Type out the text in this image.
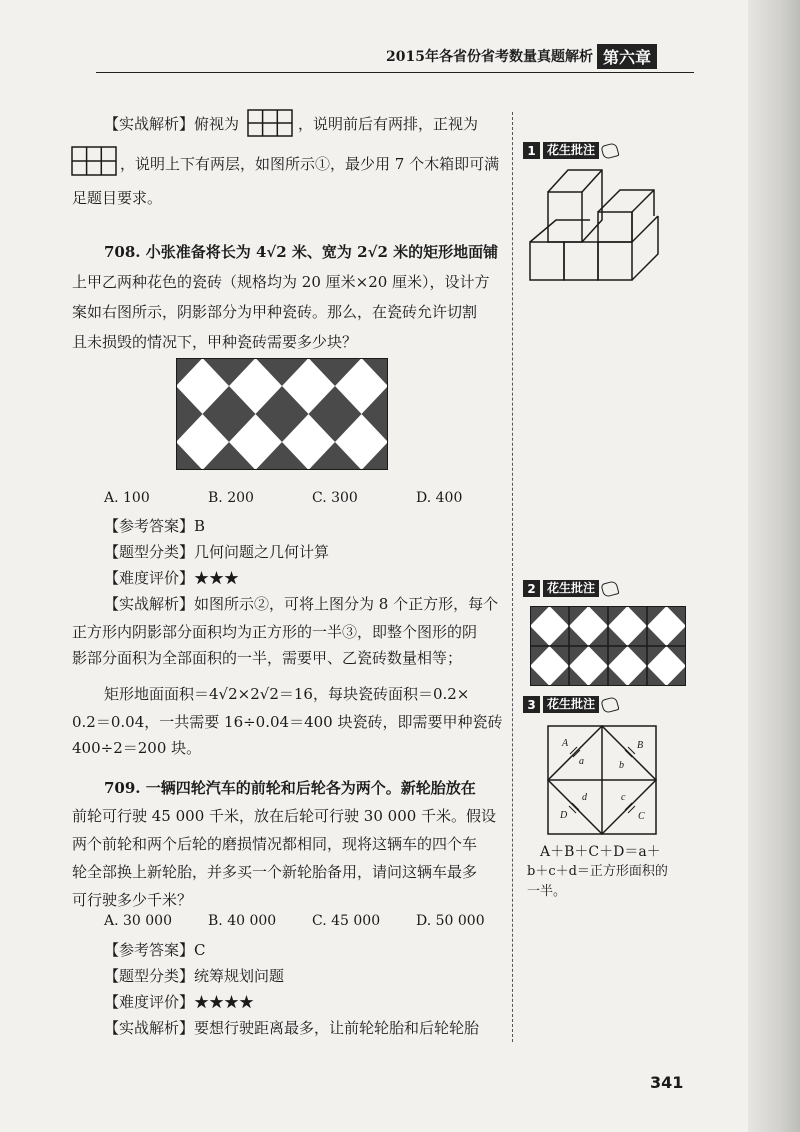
2015年各省份省考数量真题解析 第六章
【实战解析】俯视为	，说明前后有两排，正视为
，说明上下有两层，如图所示①，最少用 7 个木箱即可满
足题目要求。
708. 小张准备将长为 4√2 米、宽为 2√2 米的矩形地面铺
上甲乙两种花色的瓷砖（规格均为 20 厘米×20 厘米），设计方
案如右图所示，阴影部分为甲种瓷砖。那么，在瓷砖允许切割
且未损毁的情况下，甲种瓷砖需要多少块？
A. 100	B. 200	C. 300	D. 400
【参考答案】B
【题型分类】几何问题之几何计算
【难度评价】★★★
【实战解析】如图所示②，可将上图分为 8 个正方形，每个
正方形内阴影部分面积均为正方形的一半③，即整个图形的阴
影部分面积为全部面积的一半，需要甲、乙瓷砖数量相等；
矩形地面面积＝4√2×2√2＝16，每块瓷砖面积＝0.2×
0.2＝0.04，一共需要 16÷0.04＝400 块瓷砖，即需要甲种瓷砖
400÷2＝200 块。
709. 一辆四轮汽车的前轮和后轮各为两个。新轮胎放在
前轮可行驶 45 000 千米，放在后轮可行驶 30 000 千米。假设
两个前轮和两个后轮的磨损情况都相同，现将这辆车的四个车
轮全部换上新轮胎，并多买一个新轮胎备用，请问这辆车最多
可行驶多少千米？
A. 30 000	B. 40 000	C. 45 000	D. 50 000
【参考答案】C
【题型分类】统筹规划问题
【难度评价】★★★★
【实战解析】要想行驶距离最多，让前轮轮胎和后轮轮胎
1 花生批注
2 花生批注
3 花生批注
A
a
B
b
C
c
D
d
A＋B＋C＋D＝a＋
b＋c＋d＝正方形面积的
一半。
341
